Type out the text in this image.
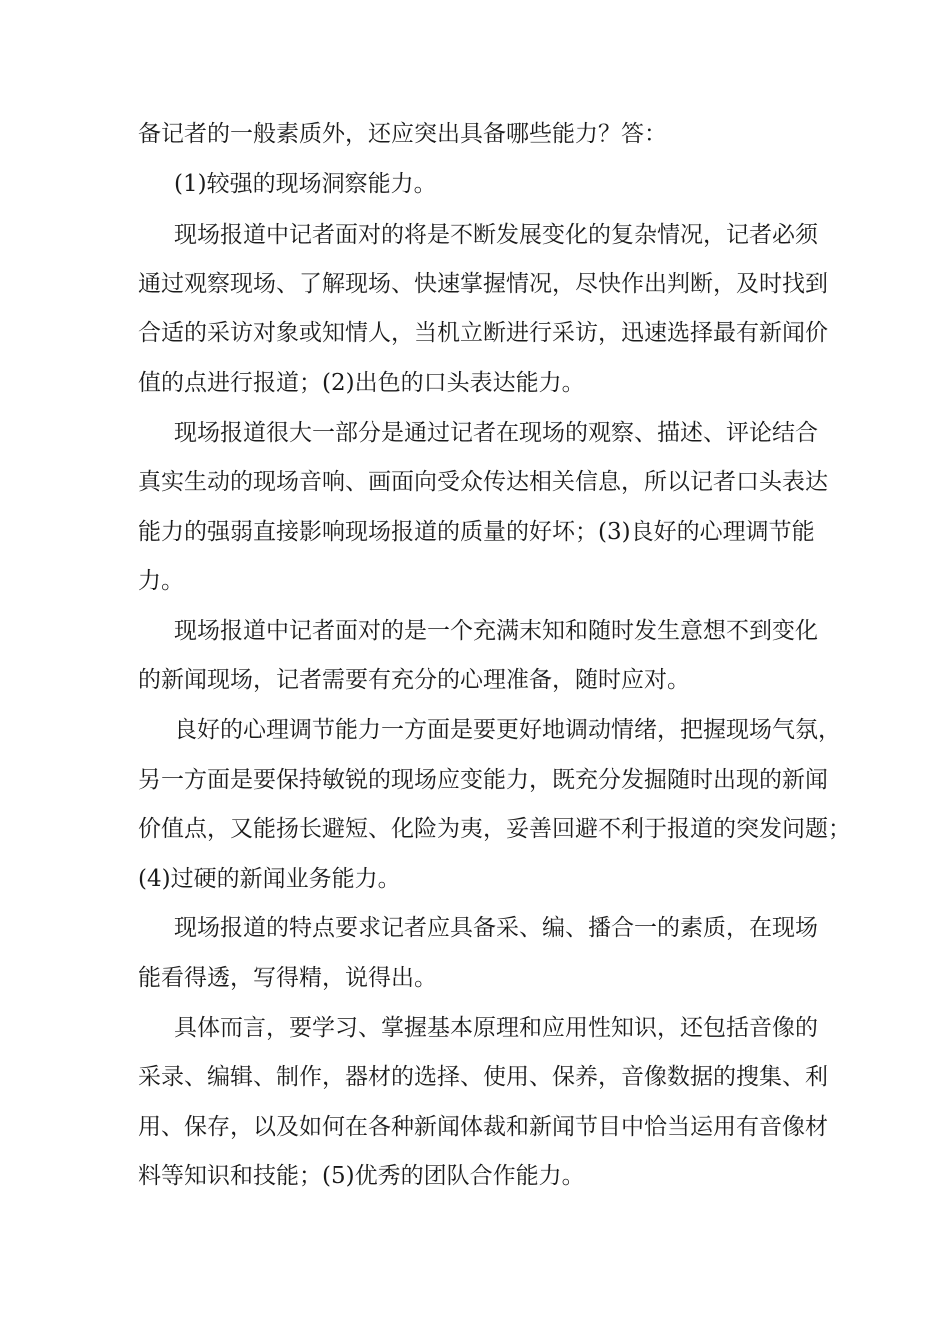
备记者的一般素质外，还应突出具备哪些能力？答：
(1)较强的现场洞察能力。
现场报道中记者面对的将是不断发展变化的复杂情况，记者必须
通过观察现场、了解现场、快速掌握情况，尽快作出判断，及时找到
合适的采访对象或知情人，当机立断进行采访，迅速选择最有新闻价
值的点进行报道；(2)出色的口头表达能力。
现场报道很大一部分是通过记者在现场的观察、描述、评论结合
真实生动的现场音响、画面向受众传达相关信息，所以记者口头表达
能力的强弱直接影响现场报道的质量的好坏；(3)良好的心理调节能
力。
现场报道中记者面对的是一个充满末知和随时发生意想不到变化
的新闻现场，记者需要有充分的心理准备，随时应对。
良好的心理调节能力一方面是要更好地调动情绪，把握现场气氛，
另一方面是要保持敏锐的现场应变能力，既充分发掘随时出现的新闻
价值点，又能扬长避短、化险为夷，妥善回避不利于报道的突发问题；
(4)过硬的新闻业务能力。
现场报道的特点要求记者应具备采、编、播合一的素质，在现场
能看得透，写得精，说得出。
具体而言，要学习、掌握基本原理和应用性知识，还包括音像的
采录、编辑、制作，器材的选择、使用、保养，音像数据的搜集、利
用、保存，以及如何在各种新闻体裁和新闻节目中恰当运用有音像材
料等知识和技能；(5)优秀的团队合作能力。
